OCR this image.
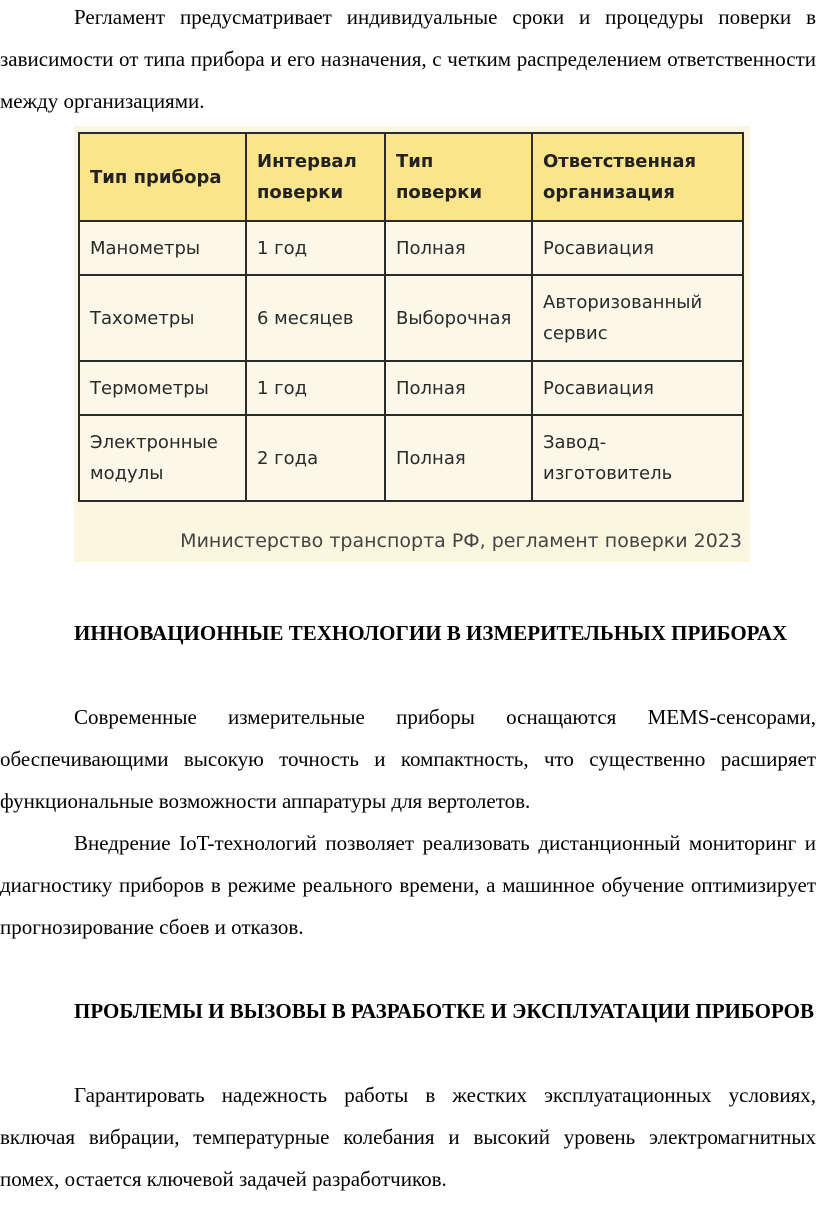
Регламент предусматривает индивидуальные сроки и процедуры поверки в зависимости от типа прибора и его назначения, с четким распределением ответственности между организациями.

Тип прибора	Интервал поверки	Тип поверки	Ответственная организация
Манометры	1 год	Полная	Росавиация
Тахометры	6 месяцев	Выборочная	Авторизованный сервис
Термометры	1 год	Полная	Росавиация
Электронные модулы	2 года	Полная	Завод-изготовитель
Министерство транспорта РФ, регламент поверки 2023

ИННОВАЦИОННЫЕ ТЕХНОЛОГИИ В ИЗМЕРИТЕЛЬНЫХ ПРИБОРАХ

Современные измерительные приборы оснащаются MEMS-сенсорами, обеспечивающими высокую точность и компактность, что существенно расширяет функциональные возможности аппаратуры для вертолетов.

Внедрение IoT-технологий позволяет реализовать дистанционный мониторинг и диагностику приборов в режиме реального времени, а машинное обучение оптимизирует прогнозирование сбоев и отказов.

ПРОБЛЕМЫ И ВЫЗОВЫ В РАЗРАБОТКЕ И ЭКСПЛУАТАЦИИ ПРИБОРОВ

Гарантировать надежность работы в жестких эксплуатационных условиях, включая вибрации, температурные колебания и высокий уровень электромагнитных помех, остается ключевой задачей разработчиков.
